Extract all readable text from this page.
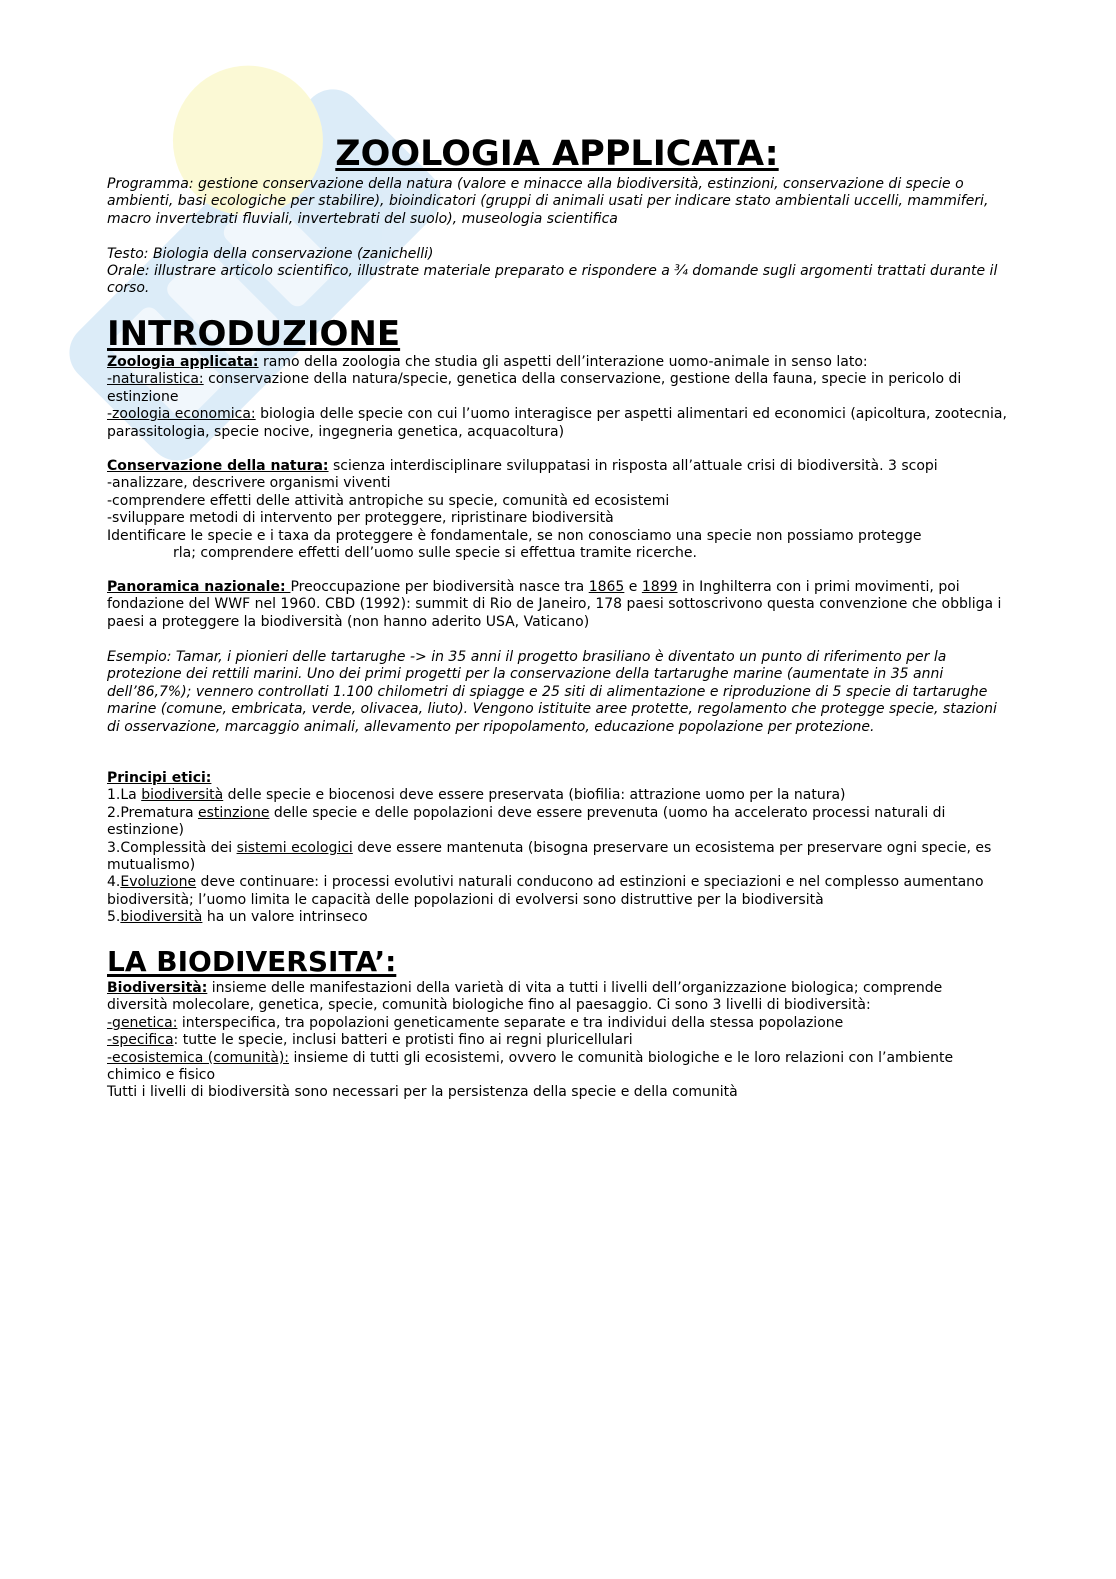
ZOOLOGIA APPLICATA:

Programma: gestione conservazione della natura (valore e minacce alla biodiversità, estinzioni, conservazione di specie o ambienti, basi ecologiche per stabilire), bioindicatori (gruppi di animali usati per indicare stato ambientali uccelli, mammiferi, macro invertebrati fluviali, invertebrati del suolo), museologia scientifica

Testo: Biologia della conservazione (zanichelli)

Orale: illustrare articolo scientifico, illustrate materiale preparato e rispondere a ¾ domande sugli argomenti trattati durante il corso.

INTRODUZIONE

Zoologia applicata: ramo della zoologia che studia gli aspetti dell’interazione uomo-animale in senso lato:

-naturalistica: conservazione della natura/specie, genetica della conservazione, gestione della fauna, specie in pericolo di estinzione

-zoologia economica: biologia delle specie con cui l’uomo interagisce per aspetti alimentari ed economici (apicoltura, zootecnia, parassitologia, specie nocive, ingegneria genetica, acquacoltura)

Conservazione della natura: scienza interdisciplinare sviluppatasi in risposta all’attuale crisi di biodiversità. 3 scopi

-analizzare, descrivere organismi viventi

-comprendere effetti delle attività antropiche su specie, comunità ed ecosistemi

-sviluppare metodi di intervento per proteggere, ripristinare biodiversità

Identificare le specie e i taxa da proteggere è fondamentale, se non conosciamo una specie non possiamo protegge

rla; comprendere effetti dell’uomo sulle specie si effettua tramite ricerche.

Panoramica nazionale: Preoccupazione per biodiversità nasce tra 1865 e 1899 in Inghilterra con i primi movimenti, poi fondazione del WWF nel 1960. CBD (1992): summit di Rio de Janeiro, 178 paesi sottoscrivono questa convenzione che obbliga i paesi a proteggere la biodiversità (non hanno aderito USA, Vaticano)

Esempio: Tamar, i pionieri delle tartarughe -> in 35 anni il progetto brasiliano è diventato un punto di riferimento per la protezione dei rettili marini. Uno dei primi progetti per la conservazione della tartarughe marine (aumentate in 35 anni dell’86,7%); vennero controllati 1.100 chilometri di spiagge e 25 siti di alimentazione e riproduzione di 5 specie di tartarughe marine (comune, embricata, verde, olivacea, liuto). Vengono istituite aree protette, regolamento che protegge specie, stazioni di osservazione, marcaggio animali, allevamento per ripopolamento, educazione popolazione per protezione.

Principi etici:

1.La biodiversità delle specie e biocenosi deve essere preservata (biofilia: attrazione uomo per la natura)

2.Prematura estinzione delle specie e delle popolazioni deve essere prevenuta (uomo ha accelerato processi naturali di estinzione)

3.Complessità dei sistemi ecologici deve essere mantenuta (bisogna preservare un ecosistema per preservare ogni specie, es mutualismo)

4.Evoluzione deve continuare: i processi evolutivi naturali conducono ad estinzioni e speciazioni e nel complesso aumentano biodiversità; l’uomo limita le capacità delle popolazioni di evolversi sono distruttive per la biodiversità

5.biodiversità ha un valore intrinseco

LA BIODIVERSITA’:

Biodiversità: insieme delle manifestazioni della varietà di vita a tutti i livelli dell’organizzazione biologica; comprende diversità molecolare, genetica, specie, comunità biologiche fino al paesaggio. Ci sono 3 livelli di biodiversità:

-genetica: interspecifica, tra popolazioni geneticamente separate e tra individui della stessa popolazione

-specifica: tutte le specie, inclusi batteri e protisti fino ai regni pluricellulari

-ecosistemica (comunità): insieme di tutti gli ecosistemi, ovvero le comunità biologiche e le loro relazioni con l’ambiente chimico e fisico

Tutti i livelli di biodiversità sono necessari per la persistenza della specie e della comunità
